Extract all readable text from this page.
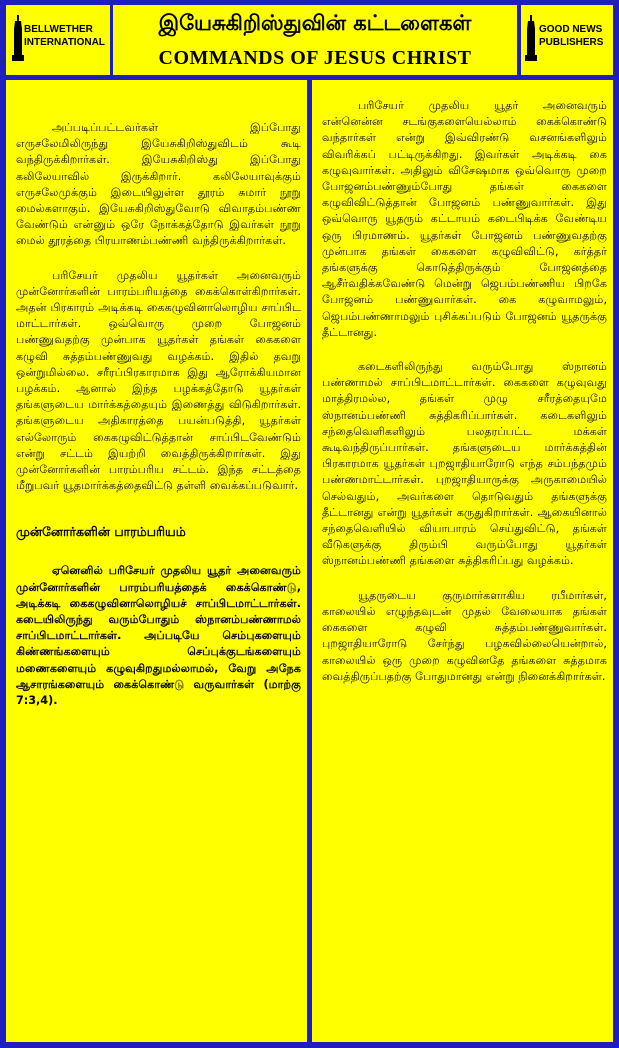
BELLWETHER
INTERNATIONAL
இயேசுகிறிஸ்துவின் கட்டளைகள்
COMMANDS OF JESUS CHRIST
GOOD NEWS
PUBLISHERS

அப்படிப்பட்டவர்கள் இப்போது எருசலேமிலிருந்து இயேசுகிறிஸ்துவிடம் கூடி வந்திருக்கிறார்கள். இயேசுகிறிஸ்து இப்போது கலிலேயாவில் இருக்கிறார். கலிலேயாவுக்கும் எருசலேமுக்கும் இடையிலுள்ள தூரம் சுமார் நூறு மைல்களாகும். இயேசுகிறிஸ்துவோடு விவாதம்பண்ண வேண்டும் என்னும் ஒரே நோக்கத்தோடு இவர்கள் நூறு மைல் தூரத்தை பிரயாணம்பண்ணி வந்திருக்கிறார்கள்.

பரிசேயர் முதலிய யூதர்கள் அனைவரும் முன்னோர்களின் பாரம்பரியத்தை கைக்கொள்கிறார்கள். அதன் பிரகாரம் அடிக்கடி கைகழுவினாலொழிய சாப்பிட மாட்டார்கள். ஒவ்வொரு முறை போஜனம் பண்ணுவதற்கு முன்பாக யூதர்கள் தங்கள் கைகளை கழுவி சுத்தம்பண்ணுவது வழக்கம். இதில் தவறு ஒன்றுமில்லை. சரீரப்பிரகாரமாக இது ஆரோக்கியமான பழக்கம். ஆனால் இந்த பழக்கத்தோடு யூதர்கள் தங்களுடைய மார்க்கத்தையும் இணைத்து விடுகிறார்கள். தங்களுடைய அதிகாரத்தை பயன்படுத்தி, யூதர்கள் எல்லோரும் கைகழுவிட்டுத்தான் சாப்பிடவேண்டும் என்று சட்டம் இயற்றி வைத்திருக்கிறார்கள். இது முன்னோர்களின் பாரம்பரிய சட்டம். இந்த சட்டத்தை மீறுபவர் யூதமார்க்கத்தைவிட்டு தள்ளி வைக்கப்படுவார்.

முன்னோர்களின் பாரம்பரியம்

ஏனெனில் பரிசேயர் முதலிய யூதர் அனைவரும் முன்னோர்களின் பாரம்பரியத்தைக் கைக்கொண்டு, அடிக்கடி கைகழுவினாலொழியச் சாப்பிடமாட்டார்கள். கடையிலிருந்து வரும்போதும் ஸ்நானம்பண்ணாமல் சாப்பிடமாட்டார்கள். அப்படியே செம்புகளையும் கிண்ணங்களையும் செப்புக்குடங்களையும் மணைகளையும் கழுவுகிறதுமல்லாமல், வேறு அநேக ஆசாரங்களையும் கைக்கொண்டு வருவார்கள் (மாற்கு 7:3,4).

பரிசேயர் முதலிய யூதர் அனைவரும் என்னென்ன சடங்குகளையெல்லாம் கைக்கொண்டு வந்தார்கள் என்று இவ்விரண்டு வசனங்களிலும் விவரிக்கப் பட்டிருக்கிறது. இவர்கள் அடிக்கடி கை கழுவுவார்கள். அதிலும் விசேஷமாக ஒவ்வொரு முறை போஜனம்பண்ணும்போது தங்கள் கைகளை கழுவிவிட்டுத்தான் போஜனம் பண்ணுவார்கள். இது ஒவ்வொரு யூதரும் கட்டாயம் கடைபிடிக்க வேண்டிய ஒரு பிரமாணம். யூதர்கள் போஜனம் பண்ணுவதற்கு முன்பாக தங்கள் கைகளை கழுவிவிட்டு, கர்த்தர் தங்களுக்கு கொடுத்திருக்கும் போஜனத்தை ஆசீர்வதிக்கவேண்டு மென்று ஜெபம்பண்ணிய பிறகே போஜனம் பண்ணுவார்கள். கை கழுவாமலும், ஜெபம்பண்ணாமலும் புசிக்கப்படும் போஜனம் யூதருக்கு தீட்டானது.

கடைகளிலிருந்து வரும்போது ஸ்நானம் பண்ணாமல் சாப்பிடமாட்டார்கள். கைகளை கழுவுவது மாத்திரமல்ல, தங்கள் முழு சரீரத்தையுமே ஸ்நானம்பண்ணி சுத்திகரிப்பார்கள். கடைகளிலும் சந்தைவெளிகளிலும் பலதரப்பட்ட மக்கள் கூடிவந்திருப்பார்கள். தங்களுடைய மார்க்கத்தின் பிரகாரமாக யூதர்கள் புறஜாதியாரோடு எந்த சம்பந்தமும் பண்ணமாட்டார்கள். புறஜாதியாருக்கு அருகாமையில் செல்வதும், அவர்களை தொடுவதும் தங்களுக்கு தீட்டானது என்று யூதர்கள் கருதுகிறார்கள். ஆகையினால் சந்தைவெளியில் வியாபாரம் செய்துவிட்டு, தங்கள் வீடுகளுக்கு திரும்பி வரும்போது யூதர்கள் ஸ்நானம்பண்ணி தங்களை சுத்திகரிப்பது வழக்கம்.

யூதருடைய குருமார்களாகிய ரபீமார்கள், காலையில் எழுந்தவுடன் முதல் வேலையாக தங்கள் கைகளை கழுவி சுத்தம்பண்ணுவார்கள். புறஜாதியாரோடு சேர்ந்து பழகவில்லையென்றால், காலையில் ஒரு முறை கழுவினதே தங்களை சுத்தமாக வைத்திருப்பதற்கு போதுமானது என்று நினைக்கிறார்கள்.
